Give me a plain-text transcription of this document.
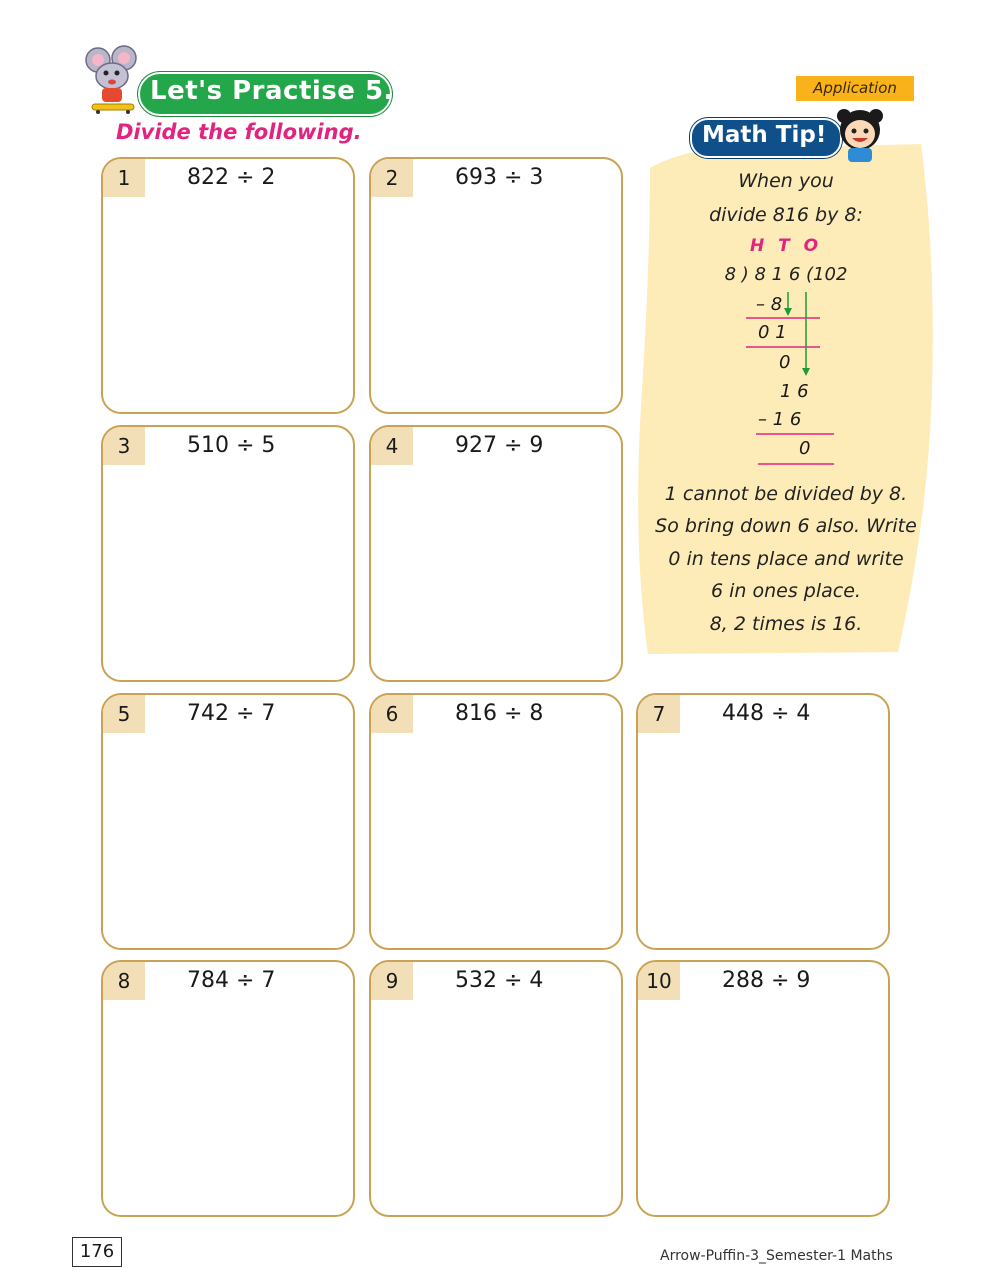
Let's Practise 5.7
Divide the following.
Application
1	822 ÷ 2	2	693 ÷ 3
3	510 ÷ 5	4	927 ÷ 9
5	742 ÷ 7	6	816 ÷ 8	7	448 ÷ 4
8	784 ÷ 7	9	532 ÷ 4	10	288 ÷ 9
Math Tip!
When you
divide 816 by 8:
H T O
8 ) 8 1 6 (102
– 8
0 1
0
1 6
– 1 6
0
1 cannot be divided by 8.
So bring down 6 also. Write
0 in tens place and write
6 in ones place.
8, 2 times is 16.
176	Arrow-Puffin-3_Semester-1 Maths
